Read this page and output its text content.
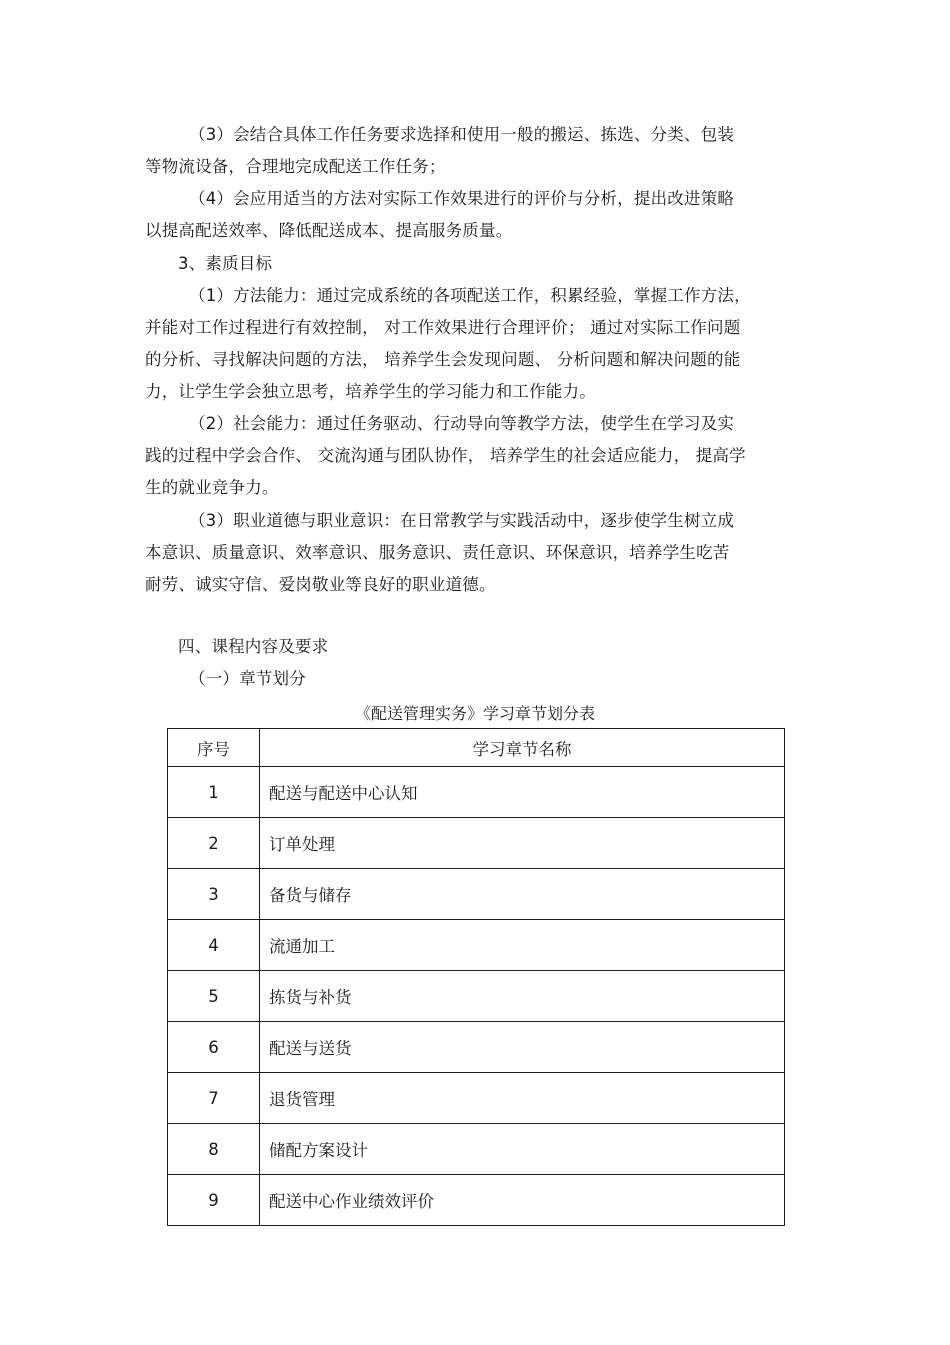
（3）会结合具体工作任务要求选择和使用一般的搬运、拣选、分类、包装
等物流设备，合理地完成配送工作任务；
（4）会应用适当的方法对实际工作效果进行的评价与分析，提出改进策略
以提高配送效率、降低配送成本、提高服务质量。
3、素质目标
（1）方法能力：通过完成系统的各项配送工作，积累经验，掌握工作方法，
并能对工作过程进行有效控制， 对工作效果进行合理评价； 通过对实际工作问题
的分析、寻找解决问题的方法， 培养学生会发现问题、 分析问题和解决问题的能
力，让学生学会独立思考，培养学生的学习能力和工作能力。
（2）社会能力：通过任务驱动、行动导向等教学方法，使学生在学习及实
践的过程中学会合作、 交流沟通与团队协作， 培养学生的社会适应能力， 提高学
生的就业竞争力。
（3）职业道德与职业意识：在日常教学与实践活动中，逐步使学生树立成
本意识、质量意识、效率意识、服务意识、责任意识、环保意识，培养学生吃苦
耐劳、诚实守信、爱岗敬业等良好的职业道德。
四、课程内容及要求
（一）章节划分
《配送管理实务》学习章节划分表
序号	学习章节名称
1	配送与配送中心认知
2	订单处理
3	备货与储存
4	流通加工
5	拣货与补货
6	配送与送货
7	退货管理
8	储配方案设计
9	配送中心作业绩效评价
